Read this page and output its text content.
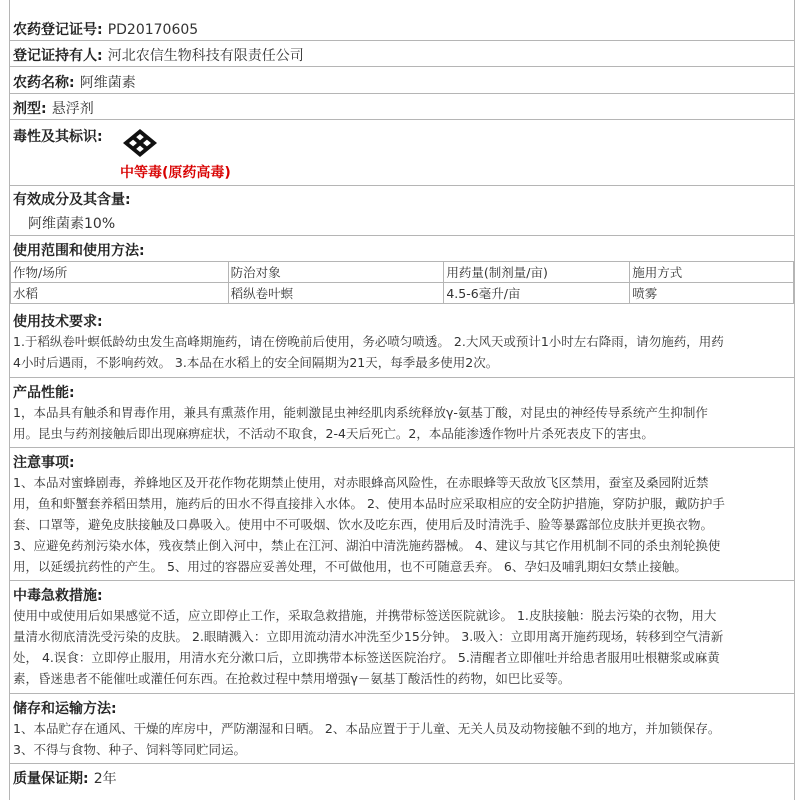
农药登记证号: PD20170605
登记证持有人: 河北农信生物科技有限责任公司
农药名称: 阿维菌素
剂型: 悬浮剂
毒性及其标识:
中等毒(原药高毒)
有效成分及其含量:
阿维菌素10%
使用范围和使用方法:
作物/场所	防治对象	用药量(制剂量/亩)	施用方式
水稻	稻纵卷叶螟	4.5-6毫升/亩	喷雾
使用技术要求:
1.于稻纵卷叶螟低龄幼虫发生高峰期施药，请在傍晚前后使用，务必喷匀喷透。 2.大风天或预计1小时左右降雨，请勿施药，用药
4小时后遇雨，不影响药效。 3.本品在水稻上的安全间隔期为21天，每季最多使用2次。
产品性能:
1，本品具有触杀和胃毒作用，兼具有熏蒸作用，能刺激昆虫神经肌肉系统释放γ-氨基丁酸，对昆虫的神经传导系统产生抑制作
用。昆虫与药剂接触后即出现麻痹症状，不活动不取食，2-4天后死亡。2，本品能渗透作物叶片杀死表皮下的害虫。
注意事项:
1、本品对蜜蜂剧毒，养蜂地区及开花作物花期禁止使用，对赤眼蜂高风险性，在赤眼蜂等天敌放飞区禁用，蚕室及桑园附近禁
用，鱼和虾蟹套养稻田禁用，施药后的田水不得直接排入水体。 2、使用本品时应采取相应的安全防护措施，穿防护服，戴防护手
套、口罩等，避免皮肤接触及口鼻吸入。使用中不可吸烟、饮水及吃东西，使用后及时清洗手、脸等暴露部位皮肤并更换衣物。
3、应避免药剂污染水体，残夜禁止倒入河中，禁止在江河、湖泊中清洗施药器械。 4、建议与其它作用机制不同的杀虫剂轮换使
用，以延缓抗药性的产生。 5、用过的容器应妥善处理，不可做他用，也不可随意丢弃。 6、孕妇及哺乳期妇女禁止接触。
中毒急救措施:
使用中或使用后如果感觉不适，应立即停止工作，采取急救措施，并携带标签送医院就诊。 1.皮肤接触：脱去污染的衣物，用大
量清水彻底清洗受污染的皮肤。 2.眼睛溅入：立即用流动清水冲洗至少15分钟。 3.吸入：立即用离开施药现场，转移到空气清新
处， 4.误食：立即停止服用，用清水充分漱口后，立即携带本标签送医院治疗。 5.清醒者立即催吐并给患者服用吐根糖浆或麻黄
素，昏迷患者不能催吐或灌任何东西。在抢救过程中禁用增强γ－氨基丁酸活性的药物，如巴比妥等。
储存和运输方法:
1、本品贮存在通风、干燥的库房中，严防潮湿和日晒。 2、本品应置于于儿童、无关人员及动物接触不到的地方，并加锁保存。
3、不得与食物、种子、饲料等同贮同运。
质量保证期: 2年
